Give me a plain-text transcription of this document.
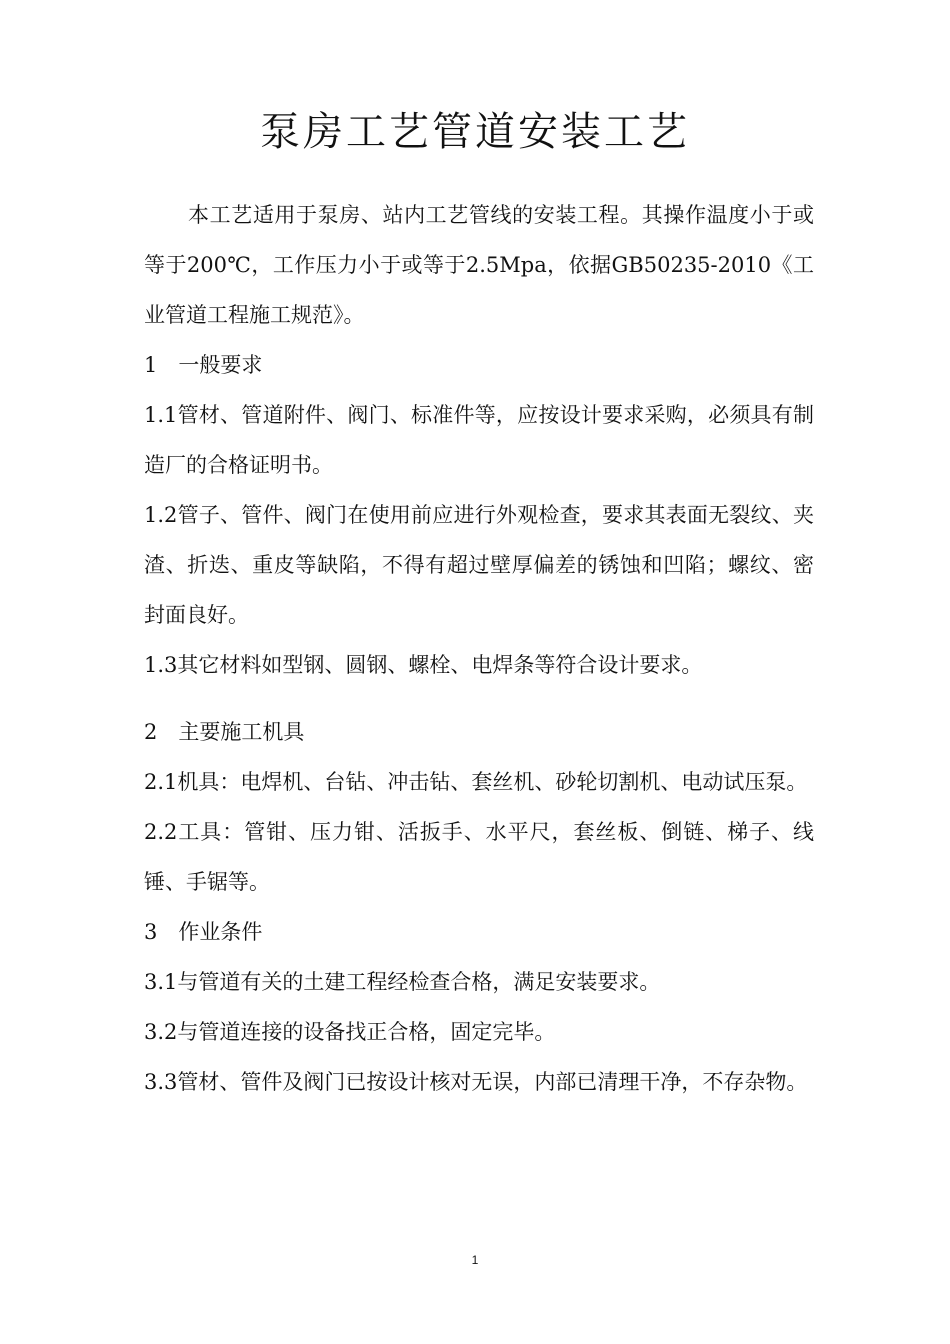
泵房工艺管道安装工艺

本工艺适用于泵房、站内工艺管线的安装工程。其操作温度小于或等于200℃，工作压力小于或等于2.5Mpa，依据GB50235-2010《工业管道工程施工规范》。

1　一般要求

1.1管材、管道附件、阀门、标准件等，应按设计要求采购，必须具有制造厂的合格证明书。

1.2管子、管件、阀门在使用前应进行外观检查，要求其表面无裂纹、夹渣、折迭、重皮等缺陷，不得有超过壁厚偏差的锈蚀和凹陷；螺纹、密封面良好。

1.3其它材料如型钢、圆钢、螺栓、电焊条等符合设计要求。

2　主要施工机具

2.1机具：电焊机、台钻、冲击钻、套丝机、砂轮切割机、电动试压泵。

2.2工具：管钳、压力钳、活扳手、水平尺，套丝板、倒链、梯子、线锤、手锯等。

3　作业条件

3.1与管道有关的土建工程经检查合格，满足安装要求。

3.2与管道连接的设备找正合格，固定完毕。

3.3管材、管件及阀门已按设计核对无误，内部已清理干净，不存杂物。

1
